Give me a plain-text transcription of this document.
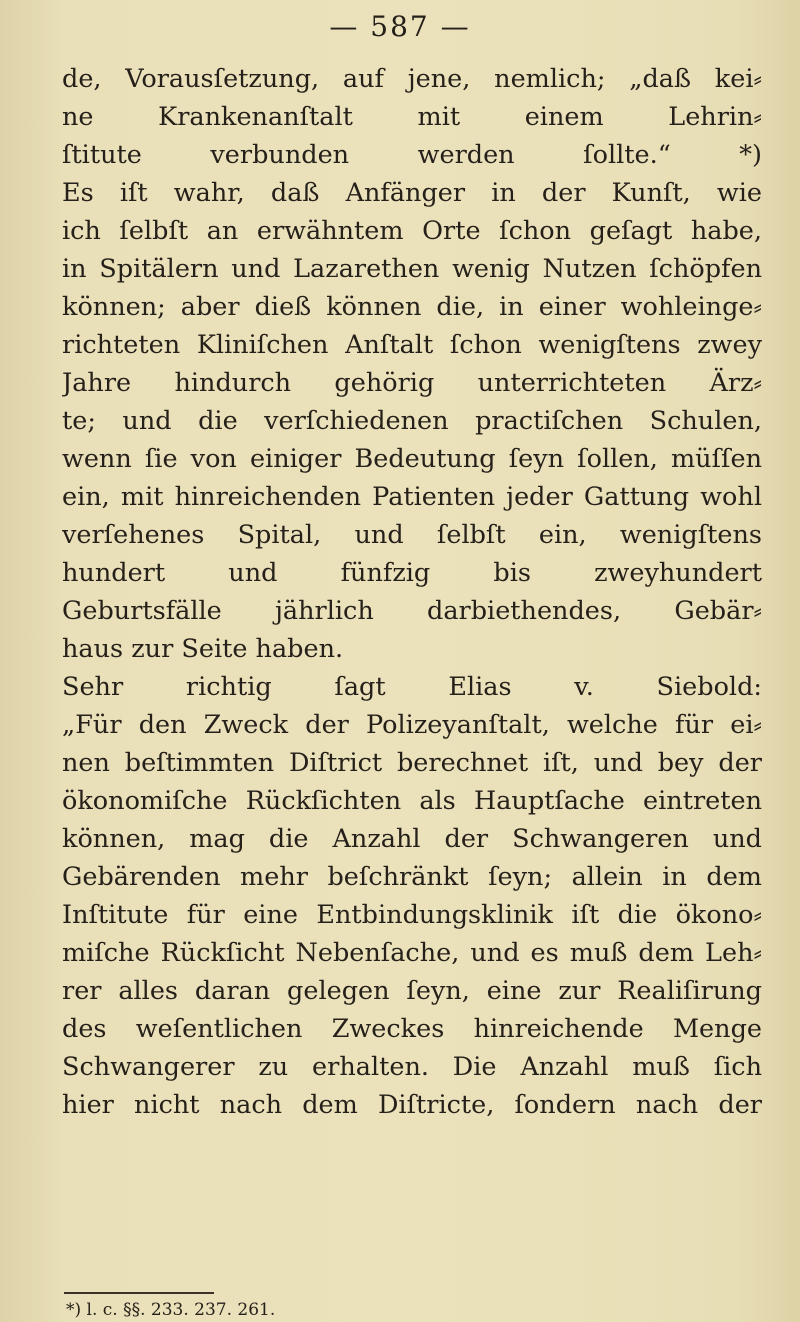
— 587 —
de, Vorausſetzung, auf jene, nemlich; „daß kei⸗
ne Krankenanſtalt mit einem Lehrin⸗
ſtitute verbunden werden ſollte.“ *)
Es iſt wahr, daß Anfänger in der Kunſt, wie
ich ſelbſt an erwähntem Orte ſchon geſagt habe,
in Spitälern und Lazarethen wenig Nutzen ſchöpfen
können; aber dieß können die, in einer wohleinge⸗
richteten Kliniſchen Anſtalt ſchon wenigſtens zwey
Jahre hindurch gehörig unterrichteten Ärz⸗
te; und die verſchiedenen practiſchen Schulen,
wenn ſie von einiger Bedeutung ſeyn ſollen, müſſen
ein, mit hinreichenden Patienten jeder Gattung wohl
verſehenes Spital, und ſelbſt ein, wenigſtens
hundert und fünfzig bis zweyhundert
Geburtsfälle jährlich darbiethendes, Gebär⸗
haus zur Seite haben.
Sehr richtig ſagt Elias v. Siebold:
„Für den Zweck der Polizeyanſtalt, welche für ei⸗
nen beſtimmten Diſtrict berechnet iſt, und bey der
ökonomiſche Rückſichten als Hauptſache eintreten
können, mag die Anzahl der Schwangeren und
Gebärenden mehr beſchränkt ſeyn; allein in dem
Inſtitute für eine Entbindungsklinik iſt die ökono⸗
miſche Rückſicht Nebenſache, und es muß dem Leh⸗
rer alles daran gelegen ſeyn, eine zur Realiſirung
des weſentlichen Zweckes hinreichende Menge
Schwangerer zu erhalten. Die Anzahl muß ſich
hier nicht nach dem Diſtricte, ſondern nach der
*) l. c. §§. 233. 237. 261.
